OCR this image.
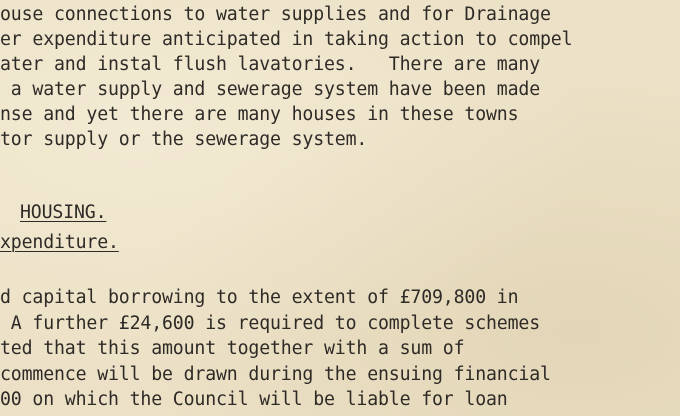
ouse connections to water supplies and for Drainage
er expenditure anticipated in taking action to compel
ater and instal flush lavatories.   There are many
a water supply and sewerage system have been made
nse and yet there are many houses in these towns
tor supply or the sewerage system.
HOUSING.
xpenditure.
d capital borrowing to the extent of £709,800 in
A further £24,600 is required to complete schemes
ted that this amount together with a sum of
commence will be drawn during the ensuing financial
00 on which the Council will be liable for loan
